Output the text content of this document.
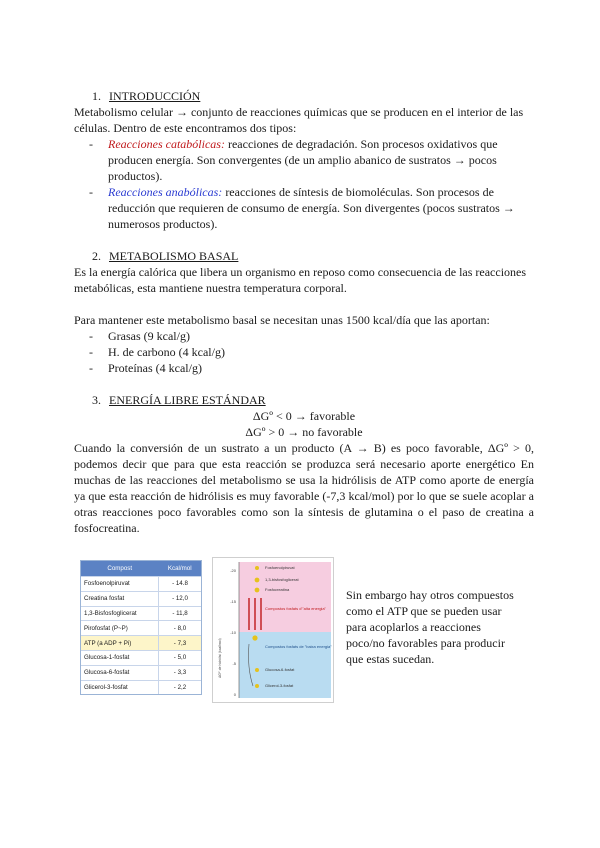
1. INTRODUCCIÓN

Metabolismo celular → conjunto de reacciones químicas que se producen en el interior de las células. Dentro de este encontramos dos tipos:

- Reacciones catabólicas: reacciones de degradación. Son procesos oxidativos que producen energía. Son convergentes (de un amplio abanico de sustratos → pocos productos).
- Reacciones anabólicas: reacciones de síntesis de biomoléculas. Son procesos de reducción que requieren de consumo de energía. Son divergentes (pocos sustratos → numerosos productos).
2. METABOLISMO BASAL

Es la energía calórica que libera un organismo en reposo como consecuencia de las reacciones metabólicas, esta mantiene nuestra temperatura corporal.

Para mantener este metabolismo basal se necesitan unas 1500 kcal/día que las aportan:

- Grasas (9 kcal/g)
- H. de carbono (4 kcal/g)
- Proteínas (4 kcal/g)
3. ENERGÍA LIBRE ESTÁNDAR

ΔGº < 0 → favorable

ΔGº > 0 → no favorable

Cuando la conversión de un sustrato a un producto (A → B) es poco favorable, ΔGº > 0, podemos decir que para que esta reacción se produzca será necesario aporte energético En muchas de las reacciones del metabolismo se usa la hidrólisis de ATP como aporte de energía ya que esta reacción de hidrólisis es muy favorable (-7,3 kcal/mol) por lo que se suele acoplar a otras reacciones poco favorables como son la síntesis de glutamina o el paso de creatina a fosfocreatina.

Compost	Kcal/mol
Fosfoenolpiruvat	- 14.8
Creatina fosfat	- 12,0
1,3-Bisfosfoglicerat	- 11,8
Pirofosfat (P~P)	- 8,0
ATP (a ADP + Pi)	- 7,3
Glucosa-1-fosfat	- 5,0
Glucosa-6-fosfat	- 3,3
Glicerol-3-fosfat	- 2,2
-20
-15
-10
-5
0
ΔGº' de hidròlisi (kcal/mol)
Fosfoenolpiruvat
1,3-bisfosfoglicerat
Fosfocreatina
Compostos fosfats d'"alta energia"
Compostos fosfats de "baixa energia"
Glucosa-6-fosfat
Glicerol-3-fosfat

Sin embargo hay otros compuestos como el ATP que se pueden usar para acoplarlos a reacciones poco/no favorables para producir que estas sucedan.
